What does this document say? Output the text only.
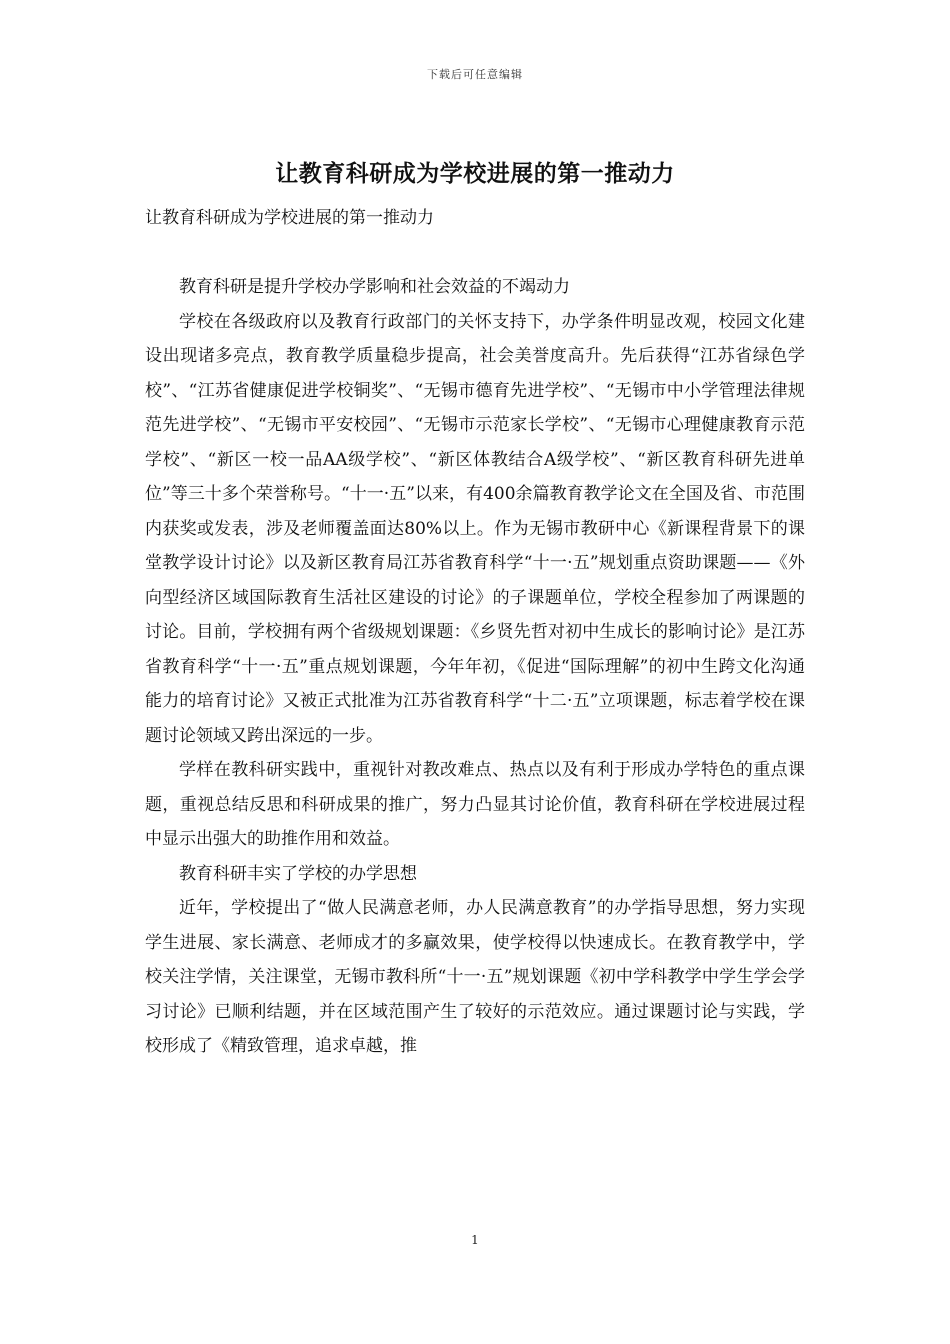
下载后可任意编辑
让教育科研成为学校进展的第一推动力
让教育科研成为学校进展的第一推动力

教育科研是提升学校办学影响和社会效益的不竭动力

学校在各级政府以及教育行政部门的关怀支持下，办学条件明显改观，校园文化建设出现诸多亮点，教育教学质量稳步提高，社会美誉度高升。先后获得“江苏省绿色学校”、“江苏省健康促进学校铜奖”、“无锡市德育先进学校”、“无锡市中小学管理法律规范先进学校”、“无锡市平安校园”、“无锡市示范家长学校”、“无锡市心理健康教育示范学校”、“新区一校一品AA级学校”、“新区体教结合A级学校”、“新区教育科研先进单位”等三十多个荣誉称号。“十一·五”以来，有400余篇教育教学论文在全国及省、市范围内获奖或发表，涉及老师覆盖面达80%以上。作为无锡市教研中心《新课程背景下的课堂教学设计讨论》以及新区教育局江苏省教育科学“十一·五”规划重点资助课题——《外向型经济区域国际教育生活社区建设的讨论》的子课题单位，学校全程参加了两课题的讨论。目前，学校拥有两个省级规划课题：《乡贤先哲对初中生成长的影响讨论》是江苏省教育科学“十一·五”重点规划课题，今年年初，《促进“国际理解”的初中生跨文化沟通能力的培育讨论》又被正式批准为江苏省教育科学“十二·五”立项课题，标志着学校在课题讨论领域又跨出深远的一步。

学样在教科研实践中，重视针对教改难点、热点以及有利于形成办学特色的重点课题，重视总结反思和科研成果的推广，努力凸显其讨论价值，教育科研在学校进展过程中显示出强大的助推作用和效益。

教育科研丰实了学校的办学思想

近年，学校提出了“做人民满意老师，办人民满意教育”的办学指导思想，努力实现学生进展、家长满意、老师成才的多赢效果，使学校得以快速成长。在教育教学中，学校关注学情，关注课堂，无锡市教科所“十一·五”规划课题《初中学科教学中学生学会学习讨论》已顺利结题，并在区域范围产生了较好的示范效应。通过课题讨论与实践，学校形成了《精致管理，追求卓越，推

1
